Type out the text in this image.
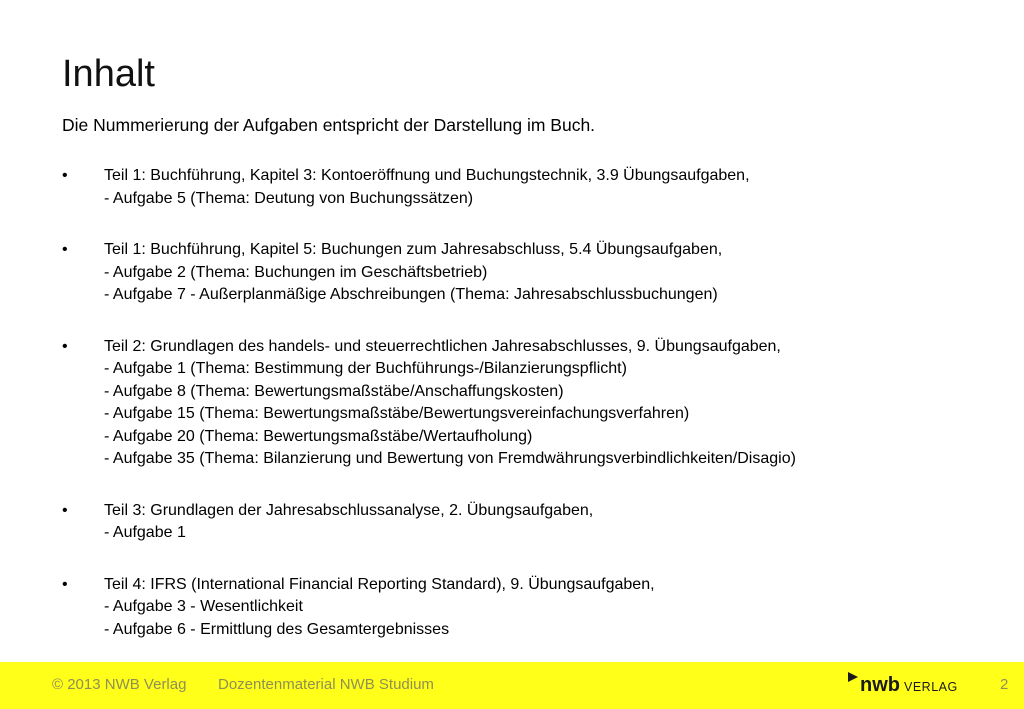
Inhalt
Die Nummerierung der Aufgaben entspricht der Darstellung im Buch.
• Teil 1: Buchführung, Kapitel 3: Kontoeröffnung und Buchungstechnik, 3.9 Übungsaufgaben,
- Aufgabe 5 (Thema: Deutung von Buchungssätzen)
• Teil 1: Buchführung, Kapitel 5: Buchungen zum Jahresabschluss, 5.4 Übungsaufgaben,
- Aufgabe 2 (Thema: Buchungen im Geschäftsbetrieb)
- Aufgabe 7 - Außerplanmäßige Abschreibungen (Thema: Jahresabschlussbuchungen)
• Teil 2: Grundlagen des handels- und steuerrechtlichen Jahresabschlusses, 9. Übungsaufgaben,
- Aufgabe 1 (Thema: Bestimmung der Buchführungs-/Bilanzierungspflicht)
- Aufgabe 8 (Thema: Bewertungsmaßstäbe/Anschaffungskosten)
- Aufgabe 15 (Thema: Bewertungsmaßstäbe/Bewertungsvereinfachungsverfahren)
- Aufgabe 20 (Thema: Bewertungsmaßstäbe/Wertaufholung)
- Aufgabe 35 (Thema: Bilanzierung und Bewertung von Fremdwährungsverbindlichkeiten/Disagio)
• Teil 3: Grundlagen der Jahresabschlussanalyse, 2. Übungsaufgaben,
- Aufgabe 1
• Teil 4: IFRS (International Financial Reporting Standard), 9. Übungsaufgaben,
- Aufgabe 3 - Wesentlichkeit
- Aufgabe 6 - Ermittlung des Gesamtergebnisses
© 2013 NWB Verlag Dozentenmaterial NWB Studium	nwb VERLAG	2
